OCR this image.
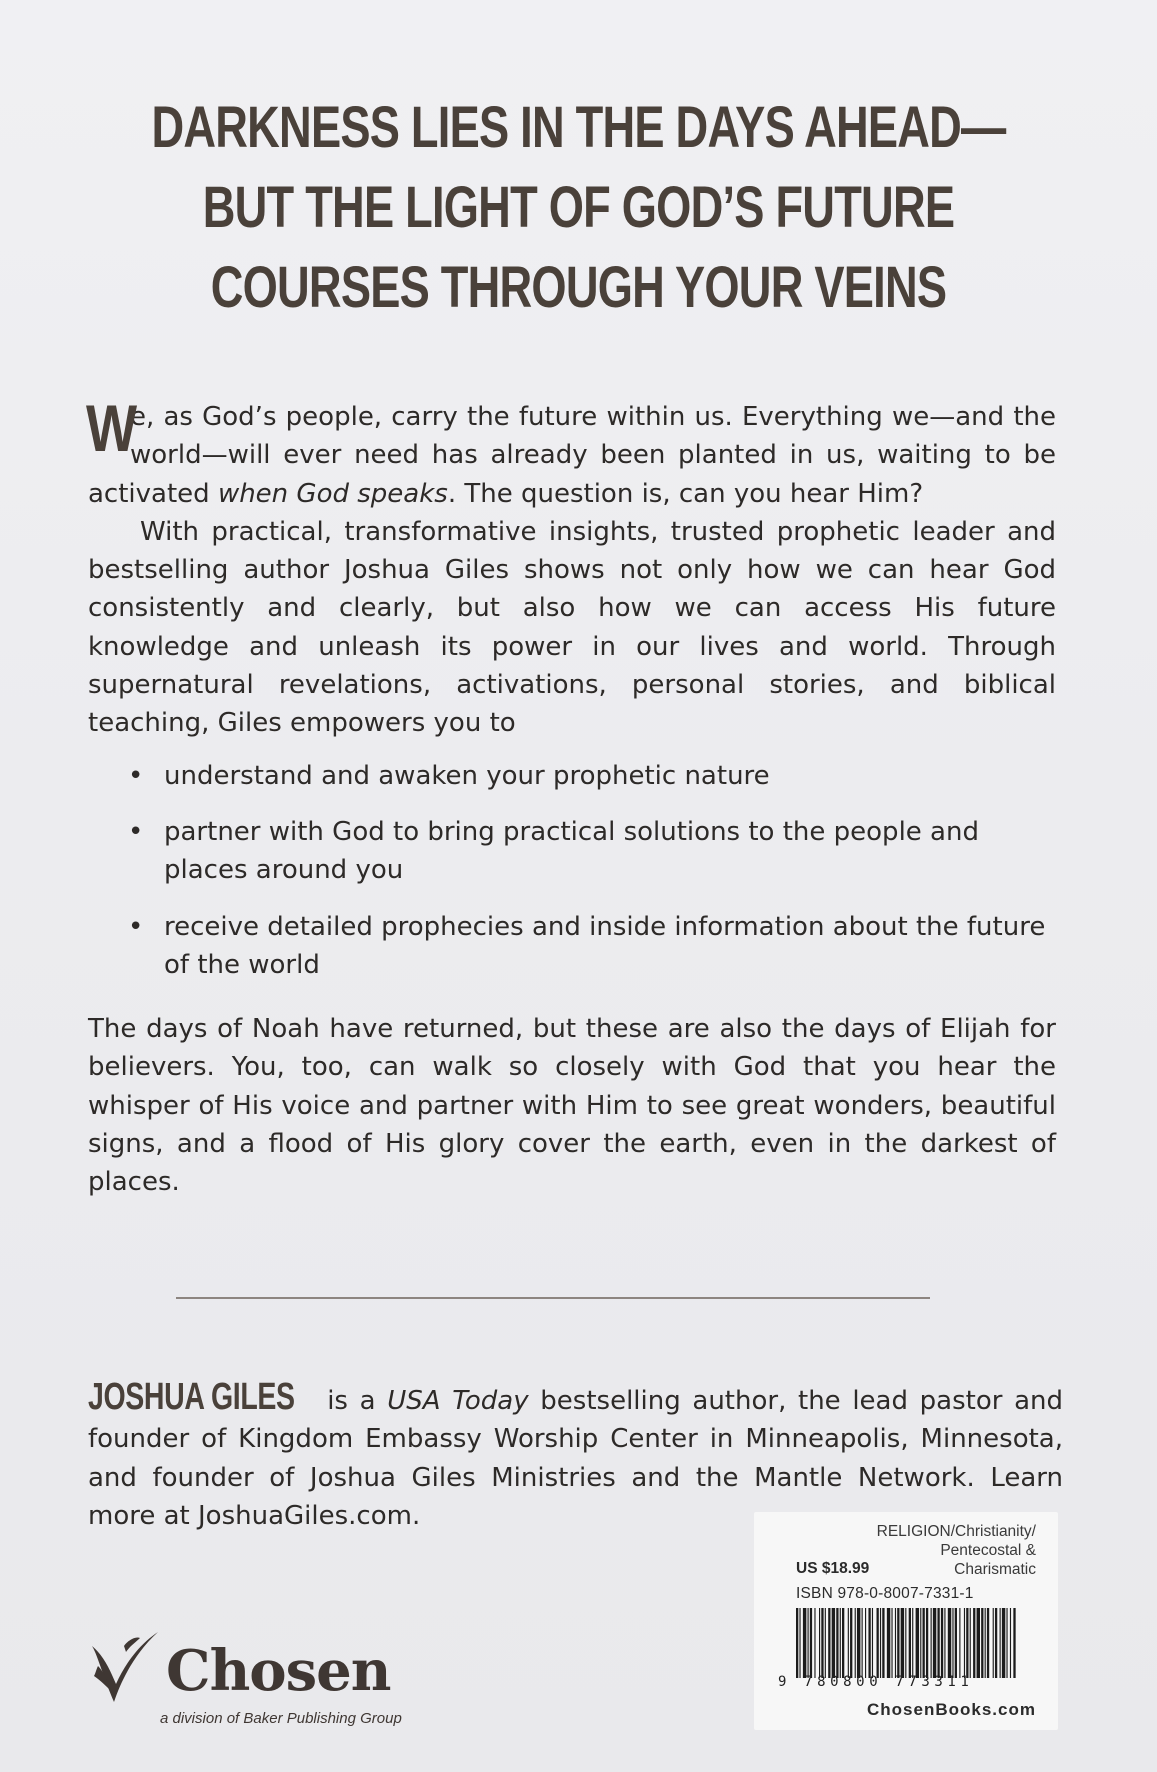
DARKNESS LIES IN THE DAYS AHEAD—
BUT THE LIGHT OF GOD’S FUTURE
COURSES THROUGH YOUR VEINS

W
e, as God’s people, carry the future within us. Everything we—and the world—will ever need has already been planted in us, waiting to be activated when God speaks. The question is, can you hear Him?

With practical, transformative insights, trusted prophetic leader and bestselling author Joshua Giles shows not only how we can hear God consistently and clearly, but also how we can access His future knowledge and unleash its power in our lives and world. Through supernatural revelations, activations, personal stories, and biblical teaching, Giles empowers you to

• understand and awaken your prophetic nature
• partner with God to bring practical solutions to the people and places around you
• receive detailed prophecies and inside information about the future of the world

The days of Noah have returned, but these are also the days of Elijah for believers. You, too, can walk so closely with God that you hear the whisper of His voice and partner with Him to see great wonders, beautiful signs, and a flood of His glory cover the earth, even in the darkest of places.

JOSHUA GILES is a USA Today bestselling author, the lead pastor and founder of Kingdom Embassy Worship Center in Minneapolis, Minnesota, and founder of Joshua Giles Ministries and the Mantle Network. Learn more at JoshuaGiles.com.

Chosen
a division of Baker Publishing Group
RELIGION/Christianity/
Pentecostal &
Charismatic
US $18.99
ISBN 978-0-8007-7331-1
9 780800 773311
ChosenBooks.com
